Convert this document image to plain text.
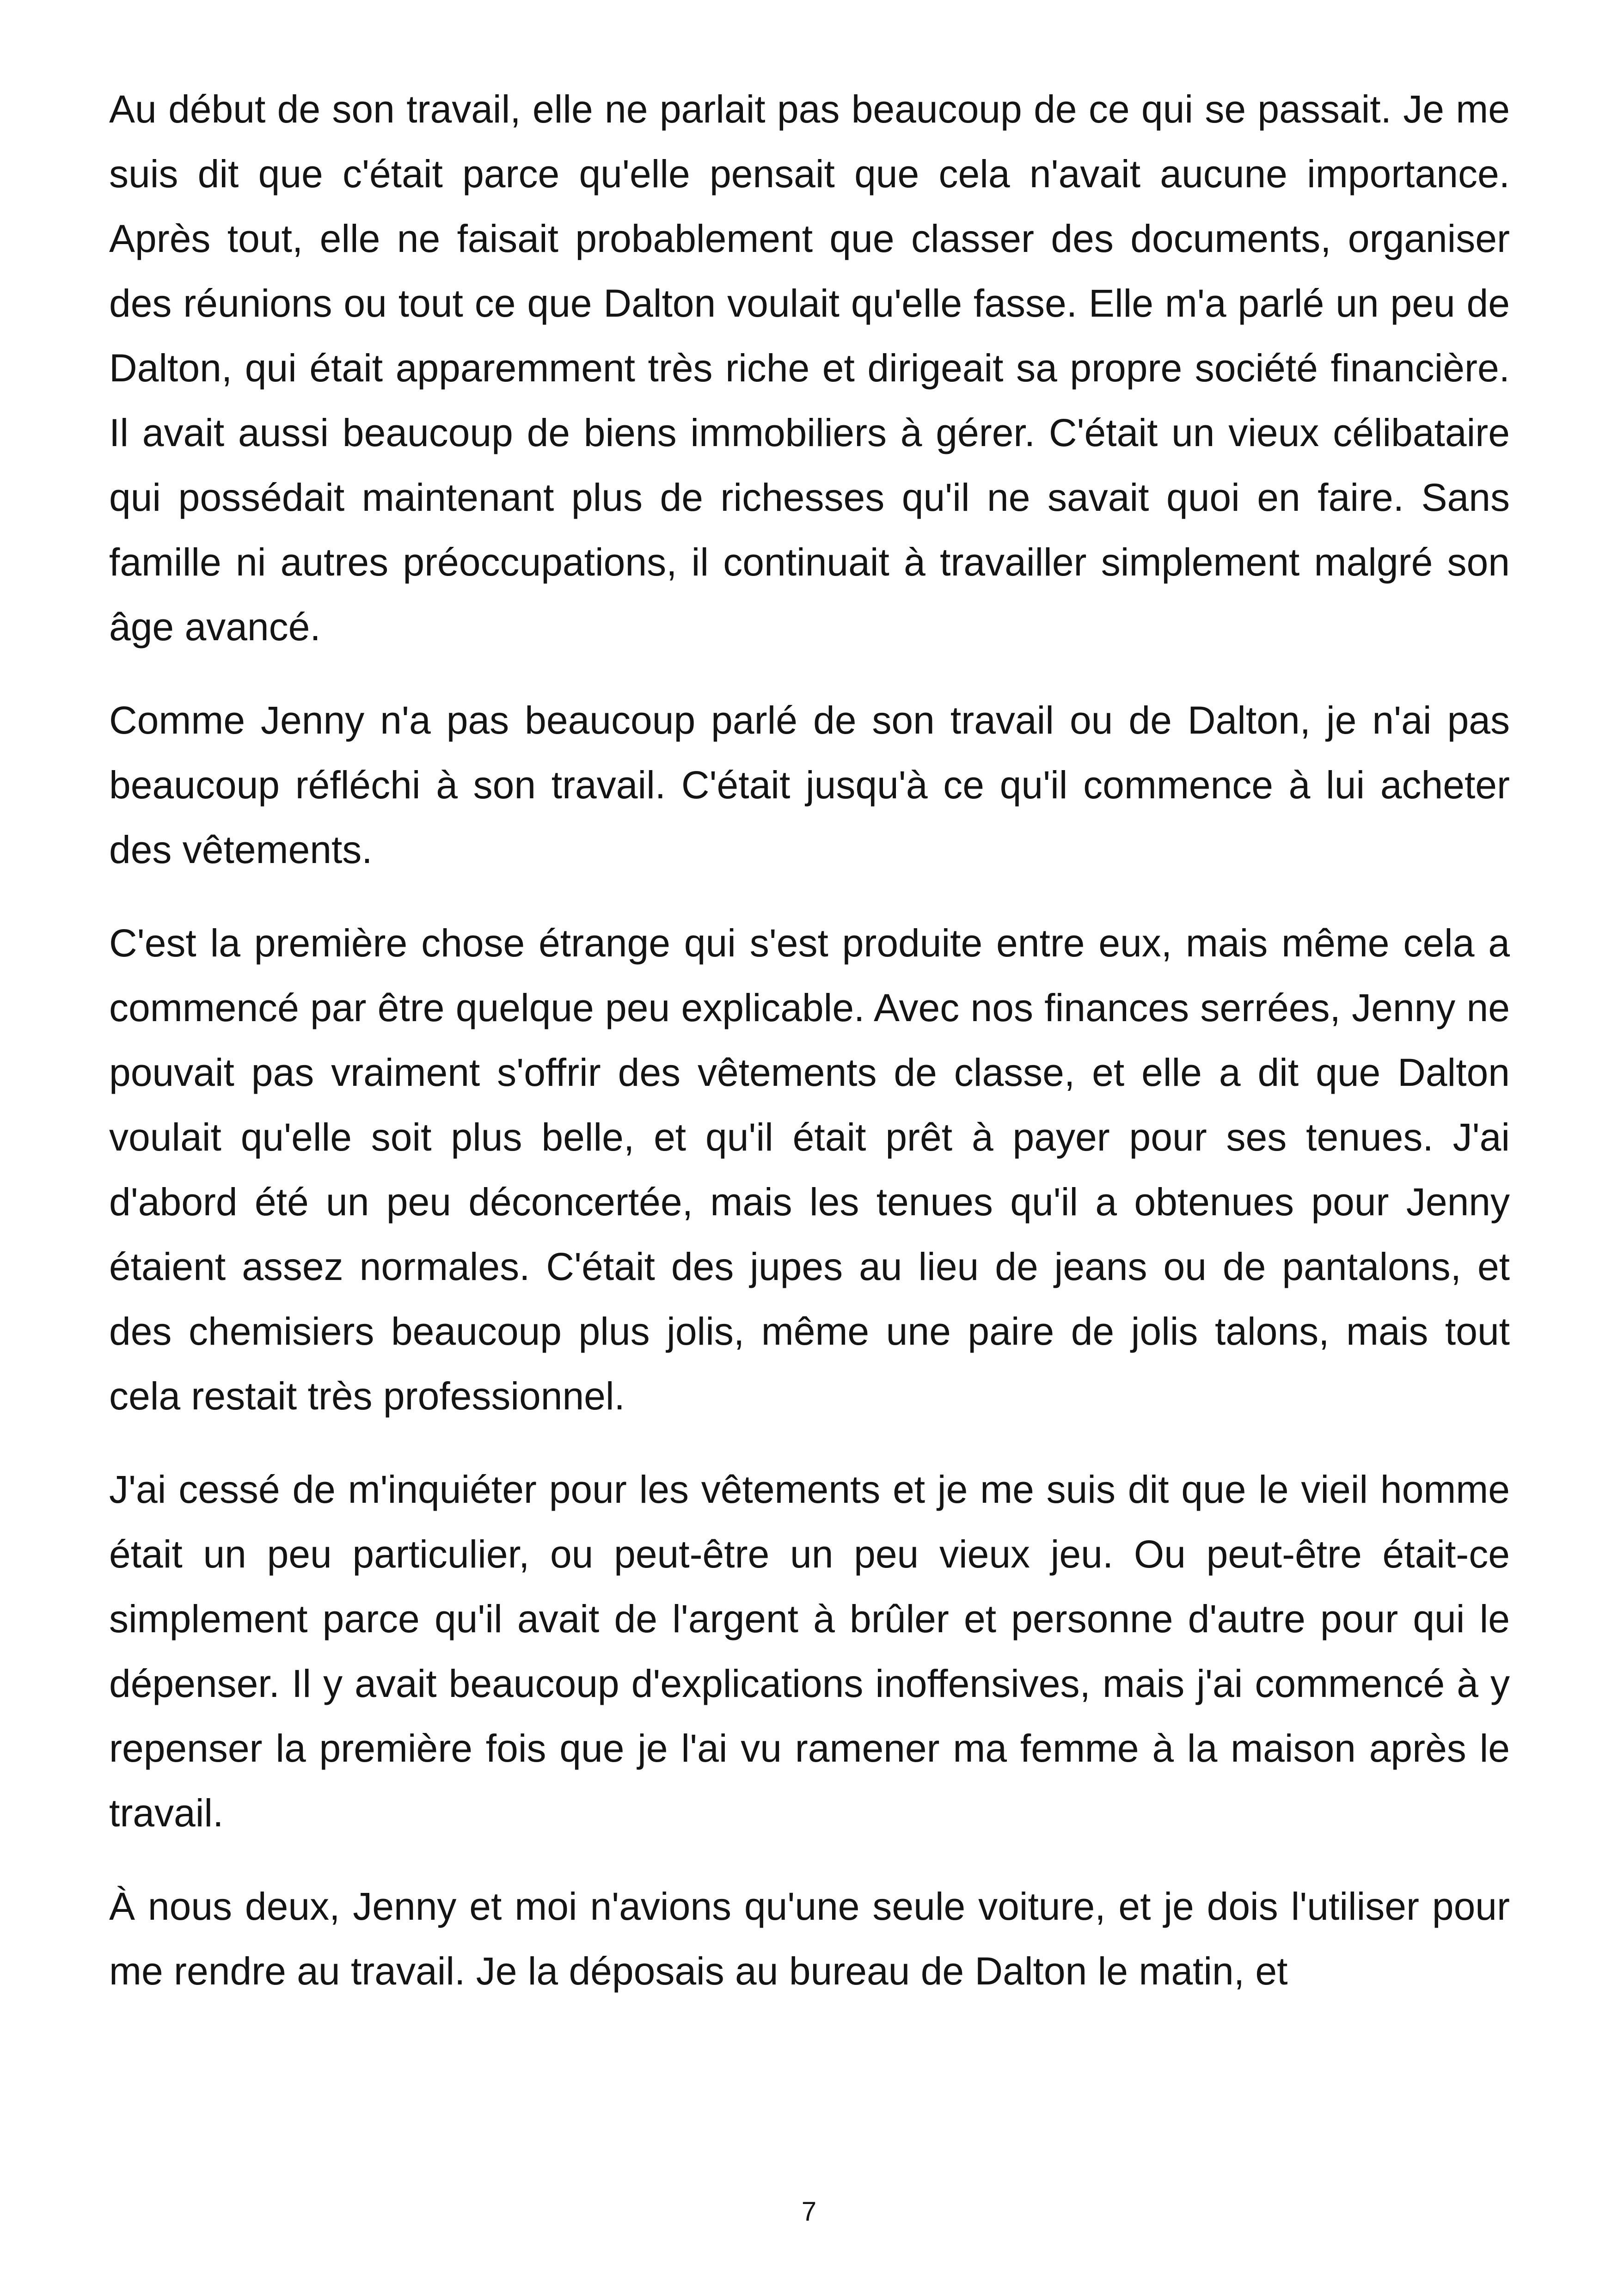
Au début de son travail, elle ne parlait pas beaucoup de ce qui se passait. Je me suis dit que c'était parce qu'elle pensait que cela n'avait aucune importance. Après tout, elle ne faisait probablement que classer des documents, organiser des réunions ou tout ce que Dalton voulait qu'elle fasse. Elle m'a parlé un peu de Dalton, qui était apparemment très riche et dirigeait sa propre société financière. Il avait aussi beaucoup de biens immobiliers à gérer. C'était un vieux célibataire qui possédait maintenant plus de richesses qu'il ne savait quoi en faire. Sans famille ni autres préoccupations, il continuait à travailler simplement malgré son âge avancé.

Comme Jenny n'a pas beaucoup parlé de son travail ou de Dalton, je n'ai pas beaucoup réfléchi à son travail. C'était jusqu'à ce qu'il commence à lui acheter des vêtements.

C'est la première chose étrange qui s'est produite entre eux, mais même cela a commencé par être quelque peu explicable. Avec nos finances serrées, Jenny ne pouvait pas vraiment s'offrir des vêtements de classe, et elle a dit que Dalton voulait qu'elle soit plus belle, et qu'il était prêt à payer pour ses tenues. J'ai d'abord été un peu déconcertée, mais les tenues qu'il a obtenues pour Jenny étaient assez normales. C'était des jupes au lieu de jeans ou de pantalons, et des chemisiers beaucoup plus jolis, même une paire de jolis talons, mais tout cela restait très professionnel.

J'ai cessé de m'inquiéter pour les vêtements et je me suis dit que le vieil homme était un peu particulier, ou peut-être un peu vieux jeu. Ou peut-être était-ce simplement parce qu'il avait de l'argent à brûler et personne d'autre pour qui le dépenser. Il y avait beaucoup d'explications inoffensives, mais j'ai commencé à y repenser la première fois que je l'ai vu ramener ma femme à la maison après le travail.

À nous deux, Jenny et moi n'avions qu'une seule voiture, et je dois l'utiliser pour me rendre au travail. Je la déposais au bureau de Dalton le matin, et

7
